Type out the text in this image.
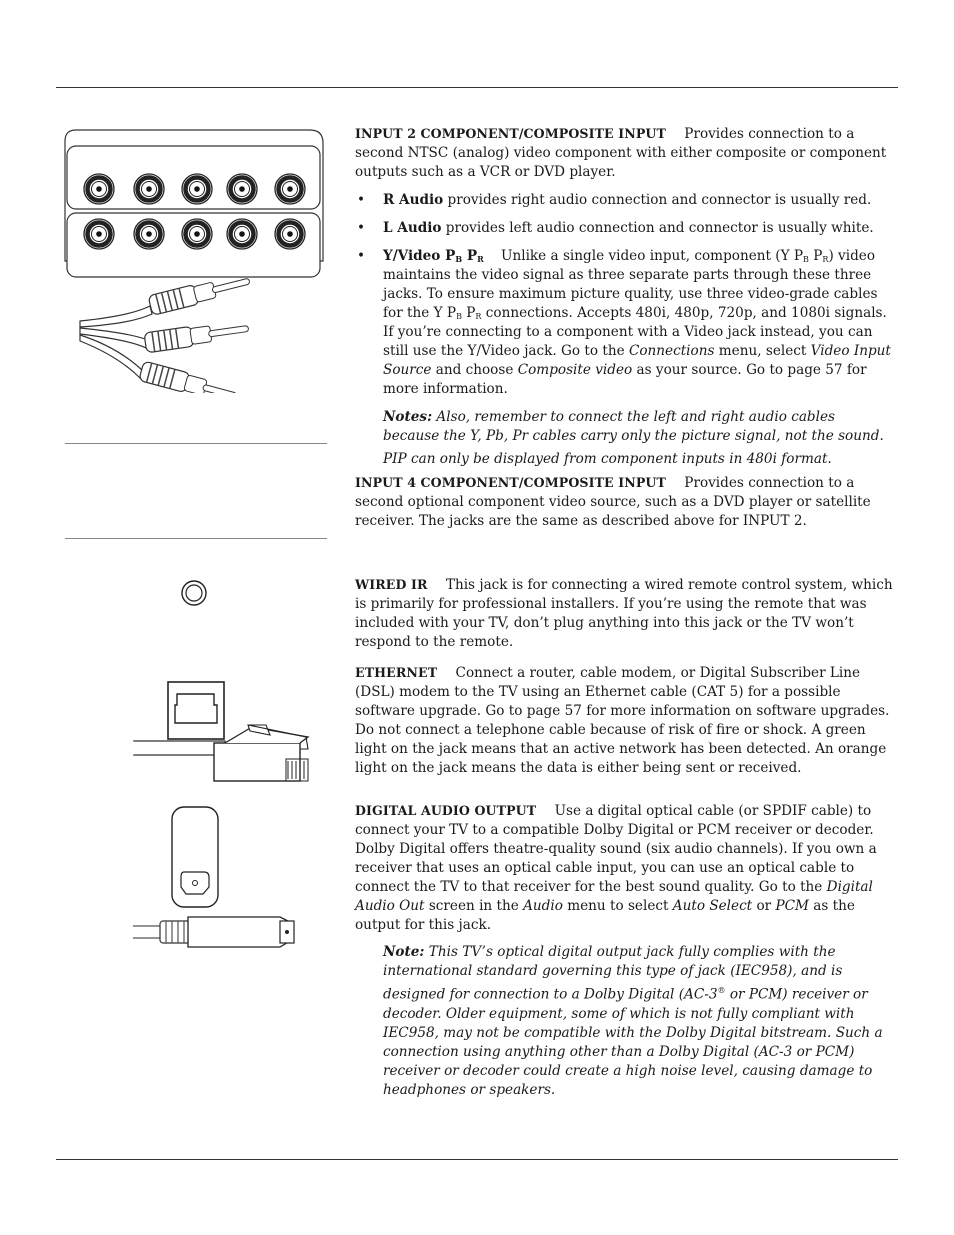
INPUT 2 COMPONENT/COMPOSITE INPUT Provides connection to a second NTSC (analog) video component with either composite or component outputs such as a VCR or DVD player.

• R Audio provides right audio connection and connector is usually red.
• L Audio provides left audio connection and connector is usually white.
• Y/Video $P_B$ $P_R$ Unlike a single video input, component (Y $P_B$ $P_R$) video maintains the video signal as three separate parts through these three jacks. To ensure maximum picture quality, use three video-grade cables for the Y $P_B$ $P_R$ connections. Accepts 480i, 480p, 720p, and 1080i signals. If you’re connecting to a component with a Video jack instead, you can still use the Y/Video jack. Go to the Connections menu, select Video Input Source and choose Composite video as your source. Go to page 57 for more information.

Notes: Also, remember to connect the left and right audio cables because the Y, Pb, Pr cables carry only the picture signal, not the sound.

PIP can only be displayed from component inputs in 480i format.

INPUT 4 COMPONENT/COMPOSITE INPUT Provides connection to a second optional component video source, such as a DVD player or satellite receiver. The jacks are the same as described above for INPUT 2.

WIRED IR This jack is for connecting a wired remote control system, which is primarily for professional installers. If you’re using the remote that was included with your TV, don’t plug anything into this jack or the TV won’t respond to the remote.

ETHERNET Connect a router, cable modem, or Digital Subscriber Line (DSL) modem to the TV using an Ethernet cable (CAT 5) for a possible software upgrade. Go to page 57 for more information on software upgrades. Do not connect a telephone cable because of risk of fire or shock. A green light on the jack means that an active network has been detected. An orange light on the jack means the data is either being sent or received.

DIGITAL AUDIO OUTPUT Use a digital optical cable (or SPDIF cable) to connect your TV to a compatible Dolby Digital or PCM receiver or decoder. Dolby Digital offers theatre-quality sound (six audio channels). If you own a receiver that uses an optical cable input, you can use an optical cable to connect the TV to that receiver for the best sound quality. Go to the Digital Audio Out screen in the Audio menu to select Auto Select or PCM as the output for this jack.

Note: This TV’s optical digital output jack fully complies with the international standard governing this type of jack (IEC958), and is designed for connection to a Dolby Digital (AC-3® or PCM) receiver or decoder. Older equipment, some of which is not fully compliant with IEC958, may not be compatible with the Dolby Digital bitstream. Such a connection using anything other than a Dolby Digital (AC-3 or PCM) receiver or decoder could create a high noise level, causing damage to headphones or speakers.
